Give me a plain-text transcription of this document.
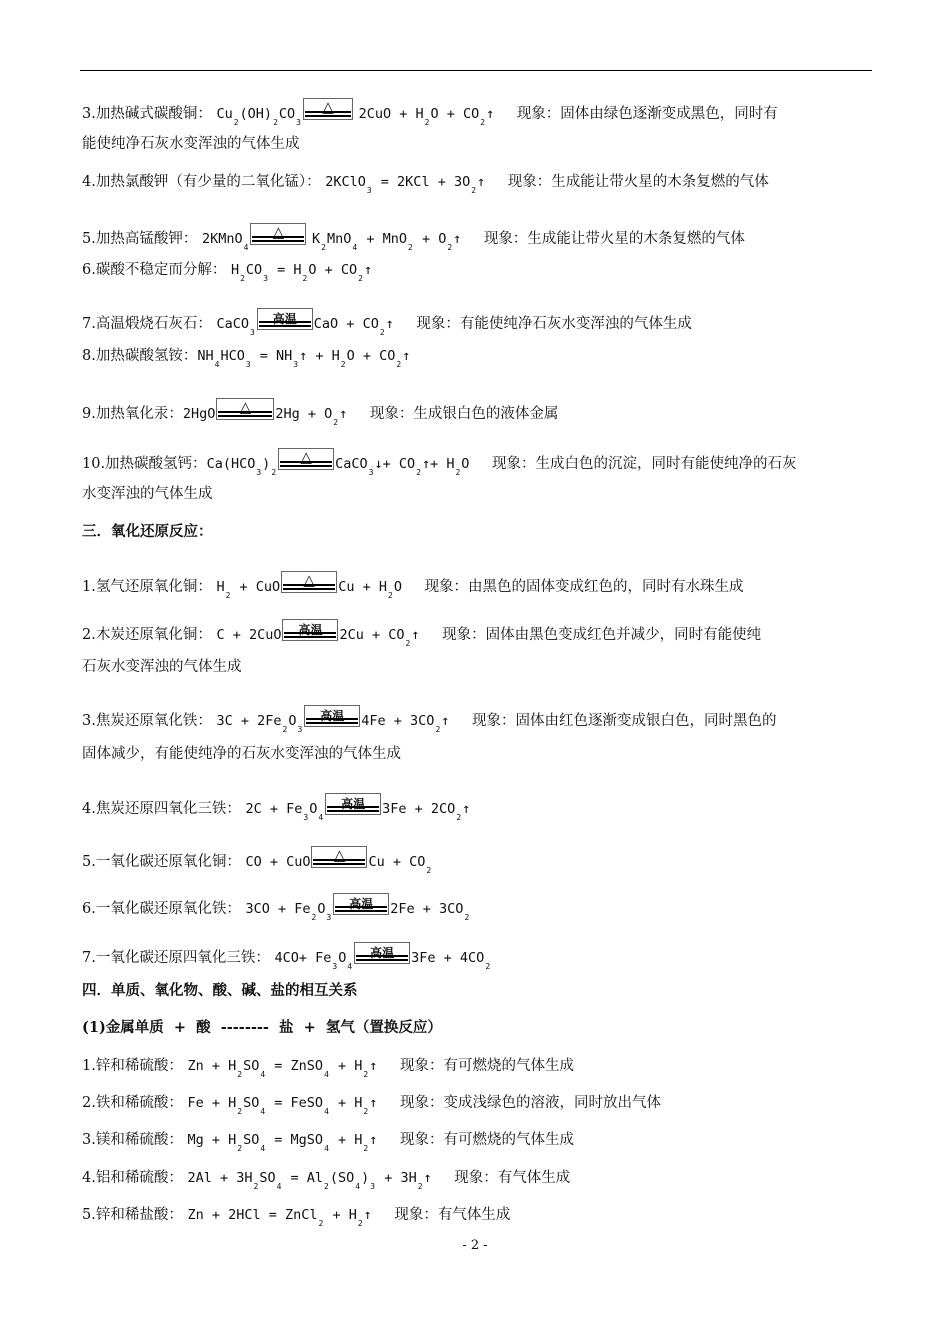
3.加热碱式碳酸铜： $Cu_2(OH)_2CO_3$
△	$2CuO + H_2O$ + $CO_2↑$ 现象：固体由绿色逐渐变成黑色，同时有
能使纯净石灰水变浑浊的气体生成
4.加热氯酸钾（有少量的二氧化锰）： 2KClO$_3$ = $2KCl + 3O_2↑$ 现象：生成能让带火星的木条复燃的气体
5.加热高锰酸钾： 2KMnO$_4$
△	$K_2MnO_4 + MnO_2$ + $O_2↑$ 现象：生成能让带火星的木条复燃的气体
6.碳酸不稳定而分解： $H_2CO_3 = H_2O$ + $CO_2↑$
7.高温煅烧石灰石： CaCO$_3$
高温	CaO + $CO_2↑$ 现象：有能使纯净石灰水变浑浊的气体生成
8.加热碳酸氢铵：$NH_4HCO_3$ = $NH_3↑ + H_2O$ + $CO_2↑$
9.加热氧化汞：2HgO	△	$2Hg + O_2↑$ 现象：生成银白色的液体金属
10.加热碳酸氢钙：$Ca(HCO_3)_2$
△	CaCO$_3$↓+ $CO_2↑+ H_2O$ 现象：生成白色的沉淀，同时有能使纯净的石灰
水变浑浊的气体生成
三．氧化还原反应：
1.氢气还原氧化铜： $H_2$ + CuO	△	$Cu + H_2O$ 现象：由黑色的固体变成红色的，同时有水珠生成
2.木炭还原氧化铜： C + 2CuO	高温	$2Cu + CO_2↑$ 现象：固体由黑色变成红色并减少，同时有能使纯
石灰水变浑浊的气体生成
3.焦炭还原氧化铁： $3C + 2Fe_2O_3$
高温	$4Fe + 3CO_2↑$ 现象：固体由红色逐渐变成银白色，同时黑色的
固体减少，有能使纯净的石灰水变浑浊的气体生成
4.焦炭还原四氧化三铁： $2C + Fe_3O_4$
高温	$3Fe + 2CO_2↑$
5.一氧化碳还原氧化铜： CO + CuO	△	$Cu + CO_2$
6.一氧化碳还原氧化铁： $3CO + Fe_2O_3$
高温	$2Fe + 3CO_2$
7.一氧化碳还原四氧化三铁： $4CO+ Fe_3O_4$
高温	$3Fe + 4CO_2$
四．单质、氧化物、酸、碱、盐的相互关系
(1)金属单质  +  酸  --------  盐  +  氢气（置换反应）
1.锌和稀硫酸： $Zn + H_2SO_4$ = ZnSO$_4$ + $H_2↑$ 现象：有可燃烧的气体生成
2.铁和稀硫酸： $Fe + H_2SO_4$ = FeSO$_4$ + $H_2↑$ 现象：变成浅绿色的溶液，同时放出气体
3.镁和稀硫酸： $Mg + H_2SO_4$ = MgSO$_4$ + $H_2↑$ 现象：有可燃烧的气体生成
4.铝和稀硫酸： $2Al + 3H_2SO_4 = Al_2(SO_4)_3$ + $3H_2↑$ 现象：有气体生成
5.锌和稀盐酸： Zn + 2HCl = ZnCl$_2$ + $H_2↑$ 现象：有气体生成
- 2 -
